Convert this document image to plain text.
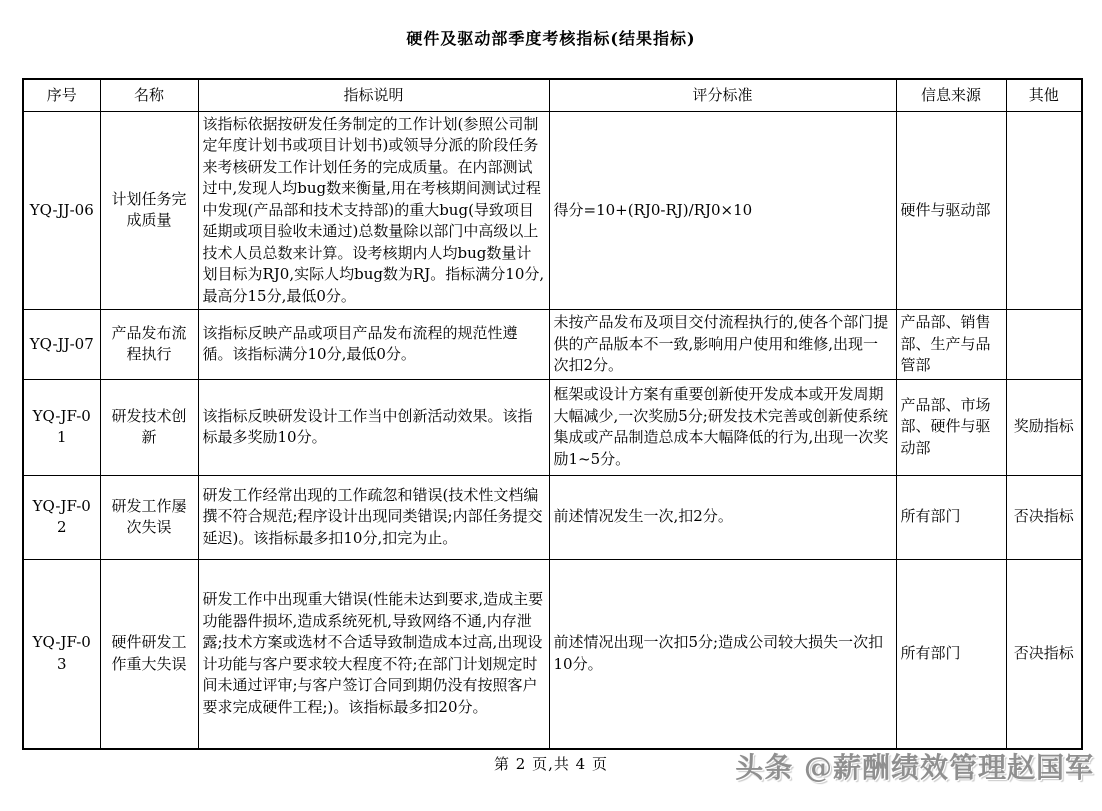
硬件及驱动部季度考核指标(结果指标)
序号	名称	指标说明	评分标准	信息来源	其他
YQ-JJ-06	计划任务完成质量	该指标依据按研发任务制定的工作计划(参照公司制定年度计划书或项目计划书)或领导分派的阶段任务来考核研发工作计划任务的完成质量。在内部测试过中,发现人均bug数来衡量,用在考核期间测试过程中发现(产品部和技术支持部)的重大bug(导致项目延期或项目验收未通过)总数量除以部门中高级以上技术人员总数来计算。设考核期内人均bug数量计划目标为RJ0,实际人均bug数为RJ。指标满分10分,最高分15分,最低0分。	得分=10+(RJ0-RJ)/RJ0×10	硬件与驱动部	
YQ-JJ-07	产品发布流程执行	该指标反映产品或项目产品发布流程的规范性遵循。该指标满分10分,最低0分。	未按产品发布及项目交付流程执行的,使各个部门提供的产品版本不一致,影响用户使用和维修,出现一次扣2分。	产品部、销售部、生产与品管部	
YQ-JF-01	研发技术创新	该指标反映研发设计工作当中创新活动效果。该指标最多奖励10分。	框架或设计方案有重要创新使开发成本或开发周期大幅减少,一次奖励5分;研发技术完善或创新使系统集成或产品制造总成本大幅降低的行为,出现一次奖励1~5分。	产品部、市场部、硬件与驱动部	奖励指标
YQ-JF-02	研发工作屡次失误	研发工作经常出现的工作疏忽和错误(技术性文档编撰不符合规范;程序设计出现同类错误;内部任务提交延迟)。该指标最多扣10分,扣完为止。	前述情况发生一次,扣2分。	所有部门	否决指标
YQ-JF-03	硬件研发工作重大失误	研发工作中出现重大错误(性能未达到要求,造成主要功能器件损坏,造成系统死机,导致网络不通,内存泄露;技术方案或选材不合适导致制造成本过高,出现设计功能与客户要求较大程度不符;在部门计划规定时间未通过评审;与客户签订合同到期仍没有按照客户要求完成硬件工程;)。该指标最多扣20分。	前述情况出现一次扣5分;造成公司较大损失一次扣10分。	所有部门	否决指标
第 2 页,共 4 页	头条 @薪酬绩效管理赵国军
